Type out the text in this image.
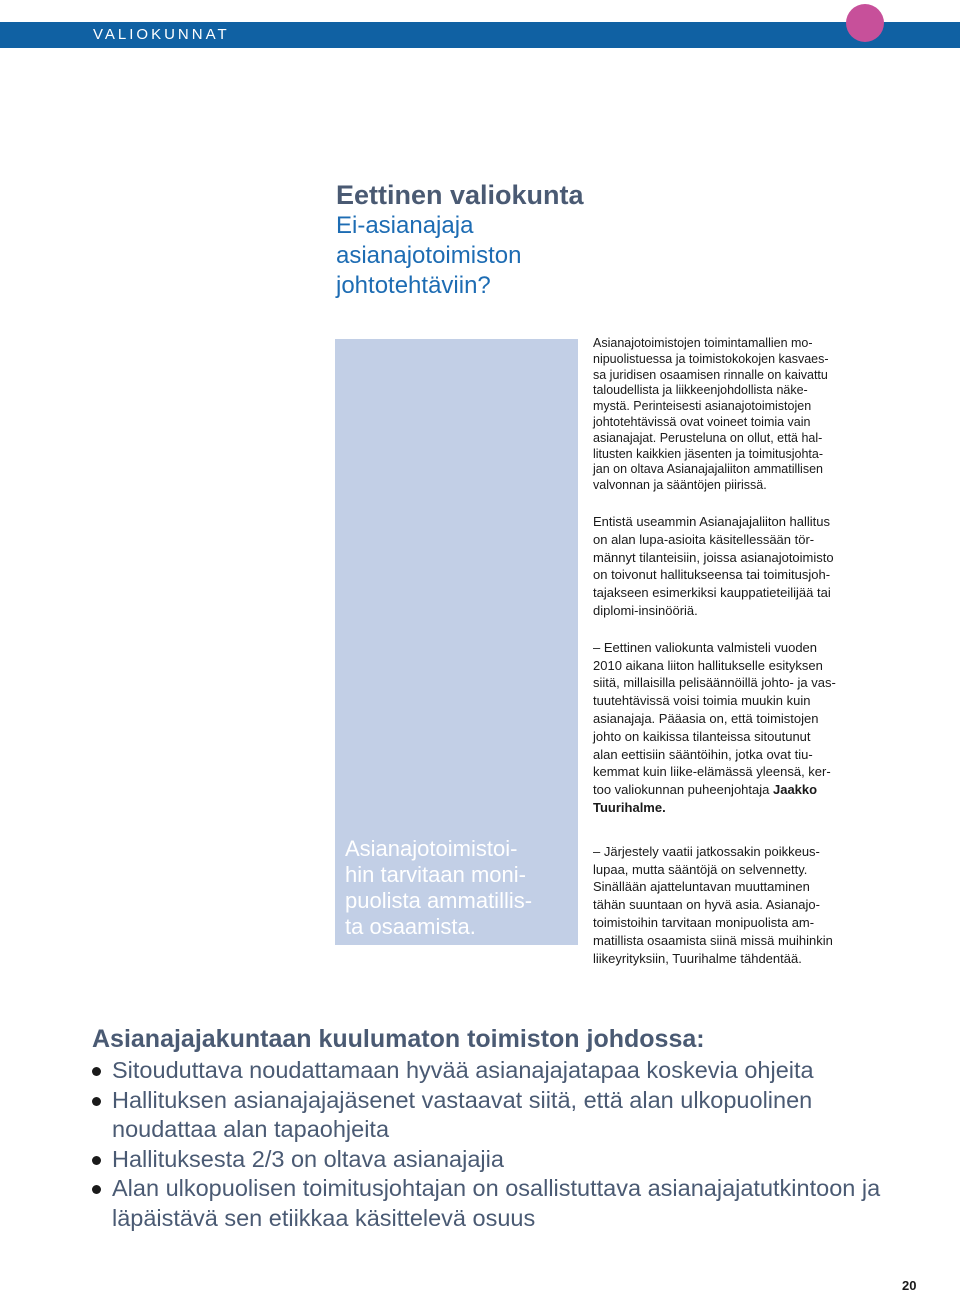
VALIOKUNNAT
Eettinen valiokunta
Ei-asianajaja
asianajotoimiston
johtotehtäviin?
Asianajotoimistoi-
hin tarvitaan moni-
puolista ammatillis-
ta osaamista.

Asianajotoimistojen toimintamallien mo-
nipuolistuessa ja toimistokokojen kasvaes-
sa juridisen osaamisen rinnalle on kaivattu
taloudellista ja liikkeenjohdollista näke-
mystä. Perinteisesti asianajotoimistojen
johtotehtävissä ovat voineet toimia vain
asianajajat. Perusteluna on ollut, että hal-
litusten kaikkien jäsenten ja toimitusjohta-
jan on oltava Asianajajaliiton ammatillisen
valvonnan ja sääntöjen piirissä.

Entistä useammin Asianajajaliiton hallitus
on alan lupa-asioita käsitellessään tör-
männyt tilanteisiin, joissa asianajotoimisto
on toivonut hallitukseensa tai toimitusjoh-
tajakseen esimerkiksi kauppatieteilijää tai
diplomi-insinööriä.

– Eettinen valiokunta valmisteli vuoden
2010 aikana liiton hallitukselle esityksen
siitä, millaisilla pelisäännöillä johto- ja vas-
tuutehtävissä voisi toimia muukin kuin
asianajaja. Pääasia on, että toimistojen
johto on kaikissa tilanteissa sitoutunut
alan eettisiin sääntöihin, jotka ovat tiu-
kemmat kuin liike-elämässä yleensä, ker-
too valiokunnan puheenjohtaja Jaakko
Tuurihalme.

– Järjestely vaatii jatkossakin poikkeus-
lupaa, mutta sääntöjä on selvennetty.
Sinällään ajatteluntavan muuttaminen
tähän suuntaan on hyvä asia. Asianajo-
toimistoihin tarvitaan monipuolista am-
matillista osaamista siinä missä muihinkin
liikeyrityksiin, Tuurihalme tähdentää.

Asianajajakuntaan kuulumaton toimiston johdossa:
Sitouduttava noudattamaan hyvää asianajajatapaa koskevia ohjeita
Hallituksen asianajajajäsenet vastaavat siitä, että alan ulkopuolinen noudattaa alan tapaohjeita
Hallituksesta 2/3 on oltava asianajajia
Alan ulkopuolisen toimitusjohtajan on osallistuttava asianajajatutkintoon ja läpäistävä sen etiikkaa käsittelevä osuus
20
